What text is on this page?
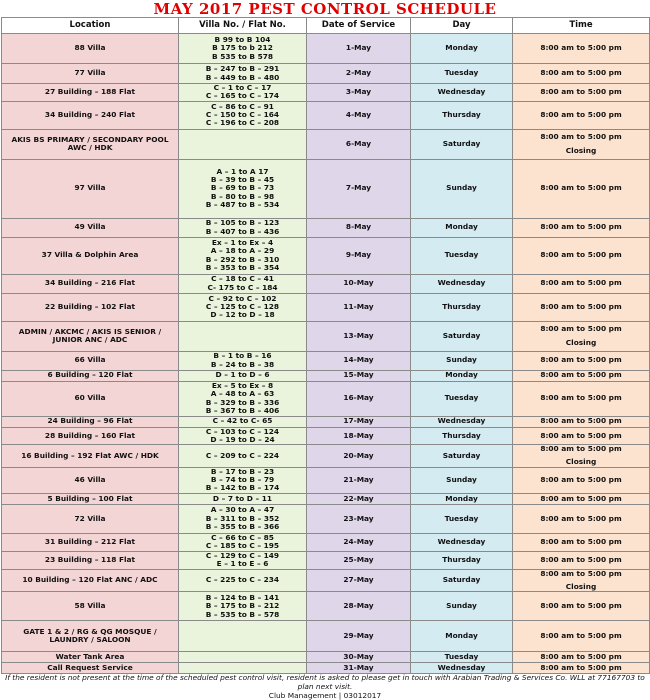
MAY 2017 PEST CONTROL SCHEDULE
Location	Villa No. / Flat No.	Date of Service	Day	Time
88 Villa	B 99 to B 104
B 175 to b 212
B 535 to B 578	1-May	Monday	8:00 am to 5:00 pm

77 Villa	B – 247 to B – 291
B – 449 to B – 480	2-May	Tuesday	8:00 am to 5:00 pm

27 Building – 188 Flat	C – 1 to C – 17
C – 165 to C – 174	3-May	Wednesday	8:00 am to 5:00 pm

34 Building – 240 Flat	C – 86 to C – 91
C – 150 to C – 164
C – 196 to C – 208	4-May	Thursday	8:00 am to 5:00 pm

AKIS BS PRIMARY / SECONDARY POOL AWC / HDK		6-May	Saturday	8:00 am to 5:00 pm
Closing

97 Villa	A – 1 to A 17
B – 39 to B – 45
B – 69 to B – 73
B – 80 to B – 98
B – 487 to B – 534	7-May	Sunday	8:00 am to 5:00 pm

49 Villa	B – 105 to B – 123
B – 407 to B – 436	8-May	Monday	8:00 am to 5:00 pm

37 Villa & Dolphin Area	Ex – 1 to Ex – 4
A – 18 to A – 29
B – 292 to B – 310
B – 353 to B – 354	9-May	Tuesday	8:00 am to 5:00 pm

34 Building – 216 Flat	C – 18 to C – 41
C- 175 to C – 184	10-May	Wednesday	8:00 am to 5:00 pm

22 Building – 102 Flat	C – 92 to C – 102
C – 125 to C – 128
D – 12 to D – 18	11-May	Thursday	8:00 am to 5:00 pm

ADMIN / AKCMC / AKIS IS SENIOR / JUNIOR ANC / ADC		13-May	Saturday	8:00 am to 5:00 pm
Closing

66 Villa	B – 1 to B – 16
B – 24 to B – 38	14-May	Sunday	8:00 am to 5:00 pm

6 Building – 120 Flat	D – 1 to D – 6	15-May	Monday	8:00 am to 5:00 pm

60 Villa	Ex – 5 to Ex – 8
A – 48 to A – 63
B – 329 to B – 336
B – 367 to B – 406	16-May	Tuesday	8:00 am to 5:00 pm

24 Building – 96 Flat	C – 42 to C- 65	17-May	Wednesday	8:00 am to 5:00 pm

28 Building – 160 Flat	C – 103 to C – 124
D – 19 to D – 24	18-May	Thursday	8:00 am to 5:00 pm

16 Building – 192 Flat AWC / HDK	C – 209 to C – 224	20-May	Saturday	8:00 am to 5:00 pm
Closing

46 Villa	B – 17 to B – 23
B – 74 to B – 79
B – 142 to B – 174	21-May	Sunday	8:00 am to 5:00 pm

5 Building – 100 Flat	D – 7 to D – 11	22-May	Monday	8:00 am to 5:00 pm

72 Villa	A – 30 to A – 47
B – 311 to B – 352
B – 355 to B – 366	23-May	Tuesday	8:00 am to 5:00 pm

31 Building – 212 Flat	C – 66 to C – 85
C – 185 to C – 195	24-May	Wednesday	8:00 am to 5:00 pm

23 Building – 118 Flat	C – 129 to C – 149
E – 1 to E – 6	25-May	Thursday	8:00 am to 5:00 pm

10 Building – 120 Flat ANC / ADC	C – 225 to C – 234	27-May	Saturday	8:00 am to 5:00 pm
Closing

58 Villa	B – 124 to B – 141
B – 175 to B – 212
B – 535 to B – 578	28-May	Sunday	8:00 am to 5:00 pm

GATE 1 & 2 / RG & QG MOSQUE / LAUNDRY / SALOON		29-May	Monday	8:00 am to 5:00 pm

Water Tank Area		30-May	Tuesday	8:00 am to 5:00 pm

Call Request Service		31-May	Wednesday	8:00 am to 5:00 pm
If the resident is not present at the time of the scheduled pest control visit, resident is asked to please get in touch with Arabian Trading & Services Co. WLL at 77167703 to plan next visit.
Club Management | 03012017
